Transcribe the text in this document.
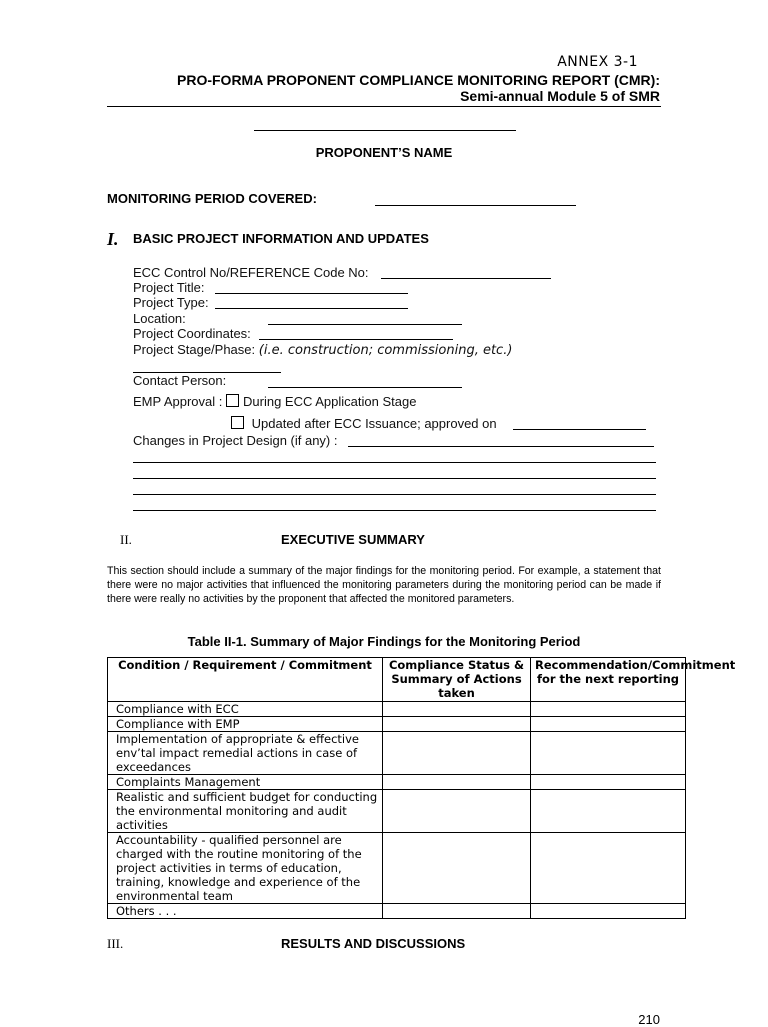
ANNEX 3-1
PRO-FORMA PROPONENT COMPLIANCE MONITORING REPORT (CMR):
Semi-annual Module 5 of SMR
PROPONENT’S NAME
MONITORING PERIOD COVERED:
I. BASIC PROJECT INFORMATION AND UPDATES
ECC Control No/REFERENCE Code No:
Project Title:
Project Type:
Location:
Project Coordinates:
Project Stage/Phase: (i.e. construction; commissioning, etc.)
Contact Person:
EMP Approval : During ECC Application Stage
Updated after ECC Issuance; approved on
Changes in Project Design (if any) :
II.	EXECUTIVE SUMMARY
This section should include a summary of the major findings for the monitoring period. For example, a statement that there were no major activities that influenced the monitoring parameters during the monitoring period can be made if there were really no activities by the proponent that affected the monitored parameters.
Table II-1. Summary of Major Findings for the Monitoring Period
Condition / Requirement / Commitment	Compliance Status & Summary of Actions taken	Recommendation/Commitment for the next reporting
Compliance with ECC		
Compliance with EMP		
Implementation of appropriate & effective env’tal impact remedial actions in case of exceedances		
Complaints Management		
Realistic and sufficient budget for conducting the environmental monitoring and audit activities		
Accountability - qualified personnel are charged with the routine monitoring of the project activities in terms of education, training, knowledge and experience of the environmental team		
Others . . .		
III.	RESULTS AND DISCUSSIONS
210
